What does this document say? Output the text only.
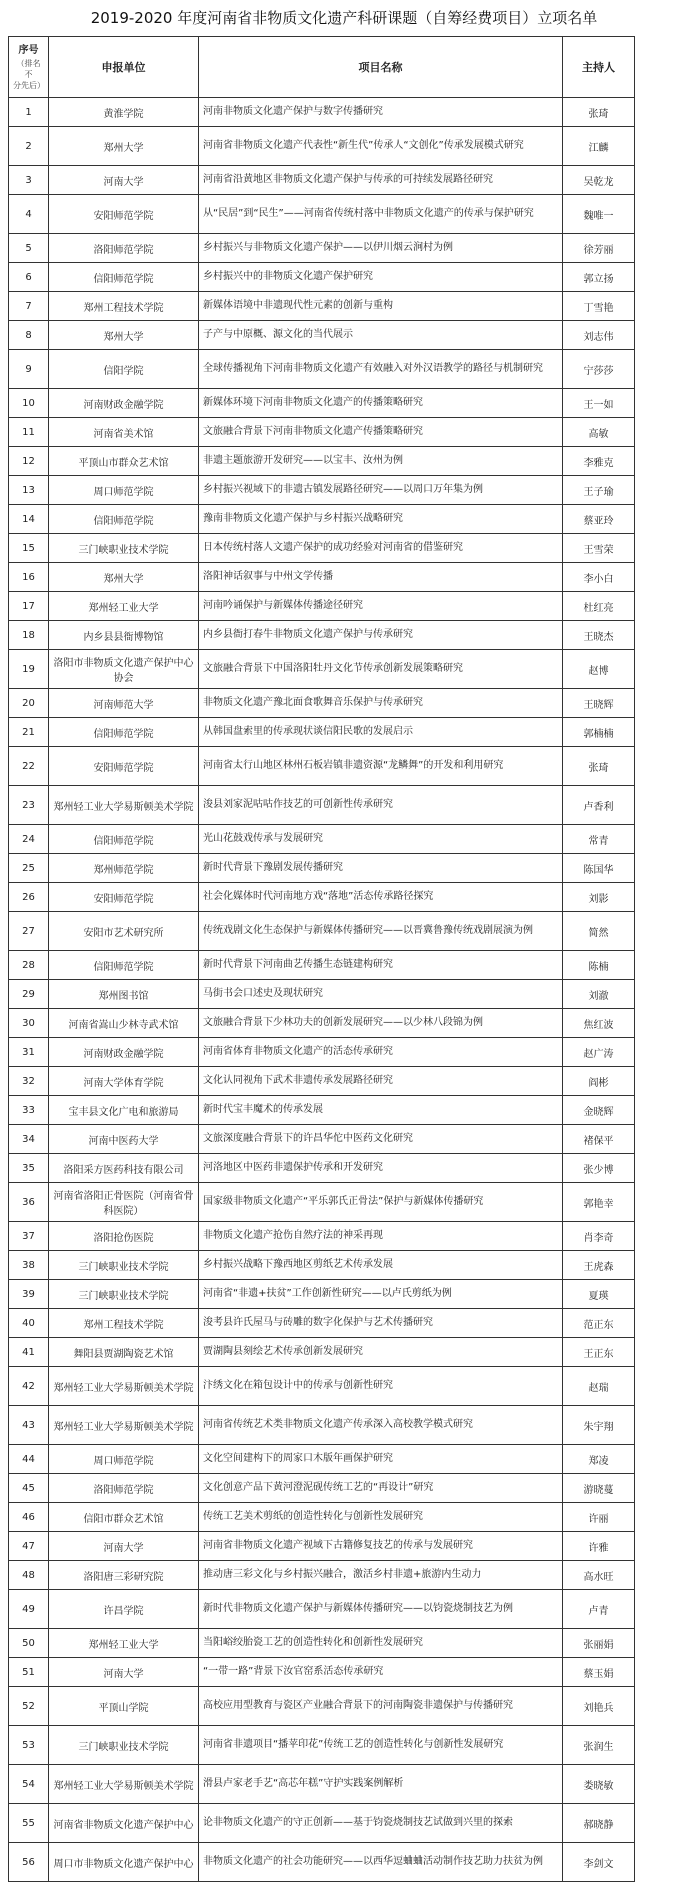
2019-2020 年度河南省非物质文化遗产科研课题（自筹经费项目）立项名单
序号
（排名不
分先后）	申报单位	项目名称	主持人
1	黄淮学院	河南非物质文化遗产保护与数字传播研究	张琦
2	郑州大学	河南省非物质文化遗产代表性“新生代”传承人“文创化”传承发展模式研究	江麟
3	河南大学	河南省沿黄地区非物质文化遗产保护与传承的可持续发展路径研究	吴乾龙
4	安阳师范学院	从“民居”到“民生”——河南省传统村落中非物质文化遗产的传承与保护研究	魏唯一
5	洛阳师范学院	乡村振兴与非物质文化遗产保护——以伊川烟云涧村为例	徐芳丽
6	信阳师范学院	乡村振兴中的非物质文化遗产保护研究	郭立扬
7	郑州工程技术学院	新媒体语境中非遗现代性元素的创新与重构	丁雪艳
8	郑州大学	子产与中原概、源文化的当代展示	刘志伟
9	信阳学院	全球传播视角下河南非物质文化遗产有效融入对外汉语教学的路径与机制研究	宁莎莎
10	河南财政金融学院	新媒体环境下河南非物质文化遗产的传播策略研究	王一如
11	河南省美术馆	文旅融合背景下河南非物质文化遗产传播策略研究	高敏
12	平顶山市群众艺术馆	非遗主题旅游开发研究——以宝丰、汝州为例	李雅克
13	周口师范学院	乡村振兴视域下的非遗古镇发展路径研究——以周口万年集为例	王子瑜
14	信阳师范学院	豫南非物质文化遗产保护与乡村振兴战略研究	蔡亚玲
15	三门峡职业技术学院	日本传统村落人文遗产保护的成功经验对河南省的借鉴研究	王雪荣
16	郑州大学	洛阳神话叙事与中州文学传播	李小白
17	郑州轻工业大学	河南吟诵保护与新媒体传播途径研究	杜红亮
18	内乡县县衙博物馆	内乡县衙打春牛非物质文化遗产保护与传承研究	王晓杰
19	洛阳市非物质文化遗产保护中心协会	文旅融合背景下中国洛阳牡丹文化节传承创新发展策略研究	赵博
20	河南师范大学	非物质文化遗产豫北面食歌舞音乐保护与传承研究	王晓辉
21	信阳师范学院	从韩国盘索里的传承现状谈信阳民歌的发展启示	郭楠楠
22	安阳师范学院	河南省太行山地区林州石板岩镇非遗资源“龙鳞舞”的开发和利用研究	张琦
23	郑州轻工业大学易斯顿美术学院	浚县刘家泥咕咕作技艺的可创新性传承研究	卢香利
24	信阳师范学院	光山花鼓戏传承与发展研究	常青
25	郑州师范学院	新时代背景下豫剧发展传播研究	陈国华
26	安阳师范学院	社会化媒体时代河南地方戏“落地”活态传承路径探究	刘影
27	安阳市艺术研究所	传统戏剧文化生态保护与新媒体传播研究——以晋冀鲁豫传统戏剧展演为例	简然
28	信阳师范学院	新时代背景下河南曲艺传播生态链建构研究	陈楠
29	郑州图书馆	马街书会口述史及现状研究	刘澈
30	河南省嵩山少林寺武术馆	文旅融合背景下少林功夫的创新发展研究——以少林八段锦为例	焦红波
31	河南财政金融学院	河南省体育非物质文化遗产的活态传承研究	赵广涛
32	河南大学体育学院	文化认同视角下武术非遗传承发展路径研究	阎彬
33	宝丰县文化广电和旅游局	新时代宝丰魔术的传承发展	金晓辉
34	河南中医药大学	文旅深度融合背景下的许昌华佗中医药文化研究	褚保平
35	洛阳采方医药科技有限公司	河洛地区中医药非遗保护传承和开发研究	张少博
36	河南省洛阳正骨医院（河南省骨科医院）	国家级非物质文化遗产“平乐郭氏正骨法”保护与新媒体传播研究	郭艳幸
37	洛阳抢伤医院	非物质文化遗产抢伤自然疗法的神采再现	肖李奇
38	三门峡职业技术学院	乡村振兴战略下豫西地区剪纸艺术传承发展	王虎森
39	三门峡职业技术学院	河南省“非遗+扶贫”工作创新性研究——以卢氏剪纸为例	夏瑛
40	郑州工程技术学院	浚考县许氏屋马与砖雕的数字化保护与艺术传播研究	范正东
41	舞阳县贾湖陶瓷艺术馆	贾湖陶县刻绘艺术传承创新发展研究	王正东
42	郑州轻工业大学易斯顿美术学院	汴绣文化在箱包设计中的传承与创新性研究	赵瑞
43	郑州轻工业大学易斯顿美术学院	河南省传统艺术类非物质文化遗产传承深入高校教学模式研究	朱宇翔
44	周口师范学院	文化空间建构下的周家口木版年画保护研究	郑凌
45	洛阳师范学院	文化创意产品下黄河澄泥砚传统工艺的“再设计”研究	游晓蔓
46	信阳市群众艺术馆	传统工艺美术剪纸的创造性转化与创新性发展研究	许丽
47	河南大学	河南省非物质文化遗产视域下古籍修复技艺的传承与发展研究	许雅
48	洛阳唐三彩研究院	推动唐三彩文化与乡村振兴融合，激活乡村非遗+旅游内生动力	高水旺
49	许昌学院	新时代非物质文化遗产保护与新媒体传播研究——以钧瓷烧制技艺为例	卢青
50	郑州轻工业大学	当阳峪绞胎瓷工艺的创造性转化和创新性发展研究	张丽娟
51	河南大学	“一带一路”背景下汝官窑系活态传承研究	蔡玉娟
52	平顶山学院	高校应用型教育与瓷区产业融合背景下的河南陶瓷非遗保护与传播研究	刘艳兵
53	三门峡职业技术学院	河南省非遗项目“播苹印花”传统工艺的创造性转化与创新性发展研究	张润生
54	郑州轻工业大学易斯顿美术学院	滑县卢家老手艺“高芯年糕”守护实践案例解析	娄晓敏
55	河南省非物质文化遗产保护中心	论非物质文化遗产的守正创新——基于钧瓷烧制技艺试做到兴里的探索	郝晓静
56	周口市非物质文化遗产保护中心	非物质文化遗产的社会功能研究——以西华逗蛐蛐活动制作技艺助力扶贫为例	李剑文
